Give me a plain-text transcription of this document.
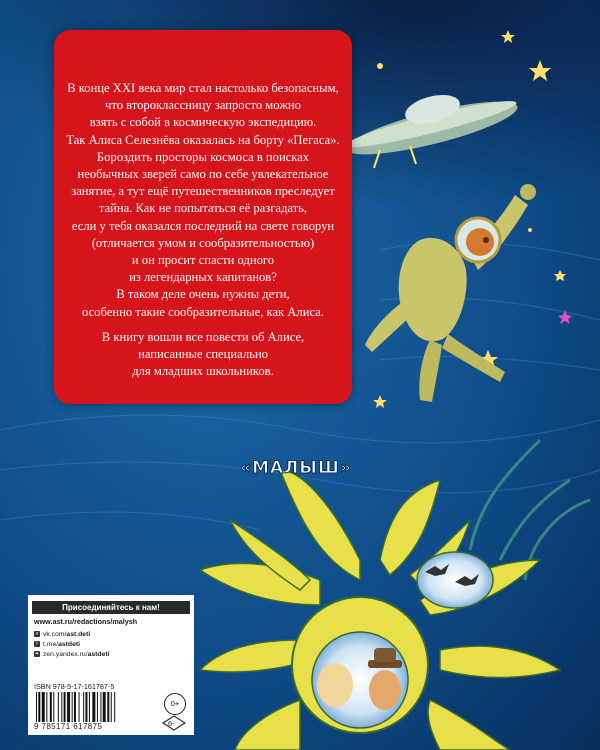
В конце XXI века мир стал настолько безопасным,
что второклассницу запросто можно
взять с собой в космическую экспедицию.
Так Алиса Селезнёва оказалась на борту «Пегаса».
Бороздить просторы космоса в поисках
необычных зверей само по себе увлекательное
занятие, а тут ещё путешественников преследует
тайна. Как не попытаться её разгадать,
если у тебя оказался последний на свете говорун
(отличается умом и сообразительностью)
и он просит спасти одного
из легендарных капитанов?
В таком деле очень нужны дети,
особенно такие сообразительные, как Алиса.

В книгу вошли все повести об Алисе,
написанные специально
для младших школьников.

«МАЛЫШ»
Присоединяйтесь к нам!
www.ast.ru/redactions/malysh
v vk.com/ ast.deti
t t.me/ astdeti
✦ zen.yandex.ru/ astdeti
ISBN 978-5-17-161787-5
9 785171 617875
0+
6-
